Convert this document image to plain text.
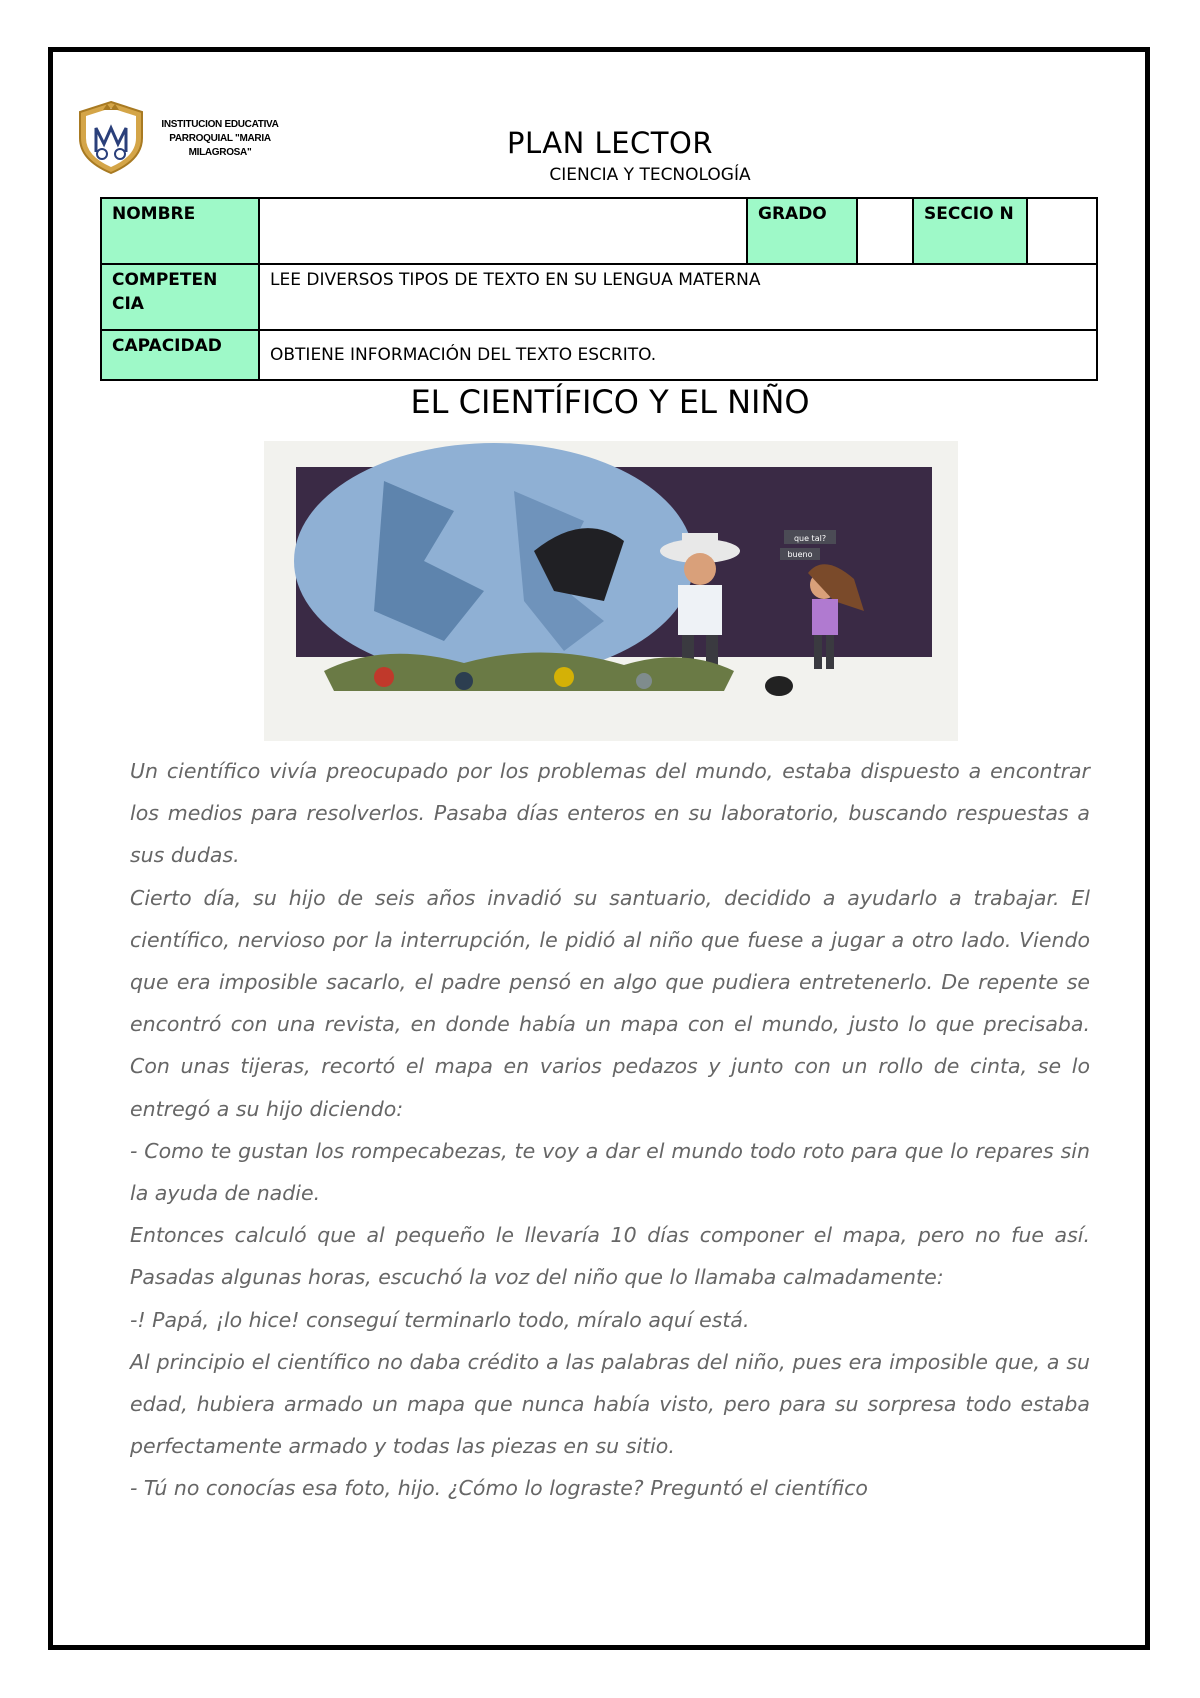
INSTITUCION EDUCATIVA PARROQUIAL "MARIA MILAGROSA"	PLAN LECTOR
CIENCIA Y TECNOLOGÍA
NOMBRE		GRADO		SECCIO N	
COMPETEN CIA	LEE DIVERSOS TIPOS DE TEXTO EN SU LENGUA MATERNA				
CAPACIDAD	OBTIENE INFORMACIÓN DEL TEXTO ESCRITO.				
EL CIENTÍFICO Y EL NIÑO
que tal?
bueno

Un científico vivía preocupado por los problemas del mundo, estaba dispuesto a encontrar los medios para resolverlos. Pasaba días enteros en su laboratorio, buscando respuestas a sus dudas.

Cierto día, su hijo de seis años invadió su santuario, decidido a ayudarlo a trabajar. El científico, nervioso por la interrupción, le pidió al niño que fuese a jugar a otro lado. Viendo que era imposible sacarlo, el padre pensó en algo que pudiera entretenerlo. De repente se encontró con una revista, en donde había un mapa con el mundo, justo lo que precisaba. Con unas tijeras, recortó el mapa en varios pedazos y junto con un rollo de cinta, se lo entregó a su hijo diciendo:

- Como te gustan los rompecabezas, te voy a dar el mundo todo roto para que lo repares sin la ayuda de nadie.

Entonces calculó que al pequeño le llevaría 10 días componer el mapa, pero no fue así. Pasadas algunas horas, escuchó la voz del niño que lo llamaba calmadamente:

-! Papá, ¡lo hice! conseguí terminarlo todo, míralo aquí está.

Al principio el científico no daba crédito a las palabras del niño, pues era imposible que, a su edad, hubiera armado un mapa que nunca había visto, pero para su sorpresa todo estaba perfectamente armado y todas las piezas en su sitio.

- Tú no conocías esa foto, hijo. ¿Cómo lo lograste? Preguntó el científico
